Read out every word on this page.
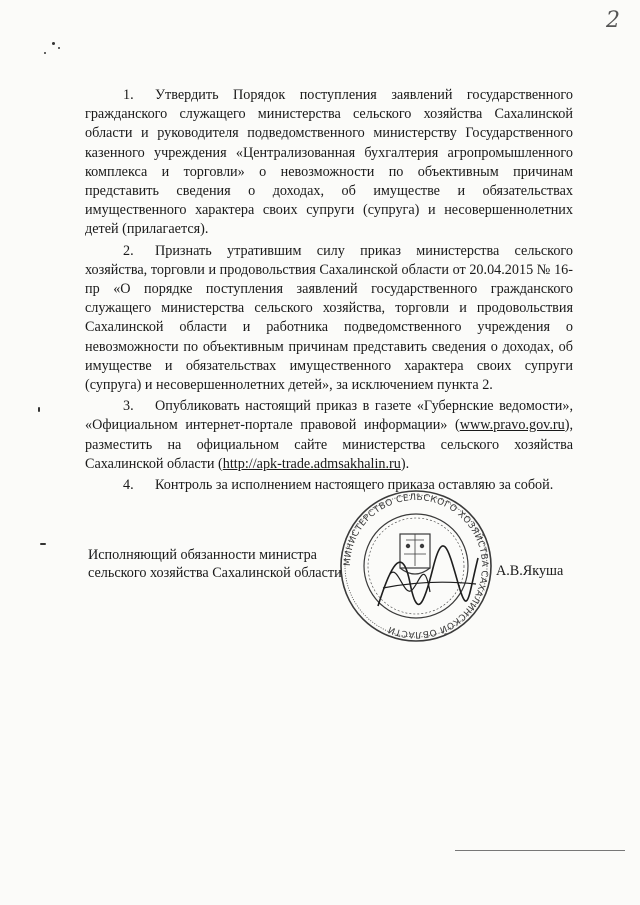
2

1. Утвердить Порядок поступления заявлений государственного гражданского служащего министерства сельского хозяйства Сахалинской области и руководителя подведомственного министерству Государственного казенного учреждения «Централизованная бухгалтерия агропромышленного комплекса и торговли» о невозможности по объективным причинам представить сведения о доходах, об имуществе и обязательствах имущественного характера своих супруги (супруга) и несовершеннолетних детей (прилагается).

2. Признать утратившим силу приказ министерства сельского хозяйства, торговли и продовольствия Сахалинской области от 20.04.2015 № 16-пр «О порядке поступления заявлений государственного гражданского служащего министерства сельского хозяйства, торговли и продовольствия Сахалинской области и работника подведомственного учреждения о невозможности по объективным причинам представить сведения о доходах, об имуществе и обязательствах имущественного характера своих супруги (супруга) и несовершеннолетних детей», за исключением пункта 2.

3. Опубликовать настоящий приказ в газете «Губернские ведомости», «Официальном интернет-портале правовой информации» (www.pravo.gov.ru), разместить на официальном сайте министерства сельского хозяйства Сахалинской области (http://apk-trade.admsakhalin.ru).

4. Контроль за исполнением настоящего приказа оставляю за собой.

Исполняющий обязанности министра
сельского хозяйства Сахалинской области	А.В.Якуша
МИНИСТЕРСТВО СЕЛЬСКОГО ХОЗЯЙСТВА САХАЛИНСКОЙ ОБЛАСТИ
